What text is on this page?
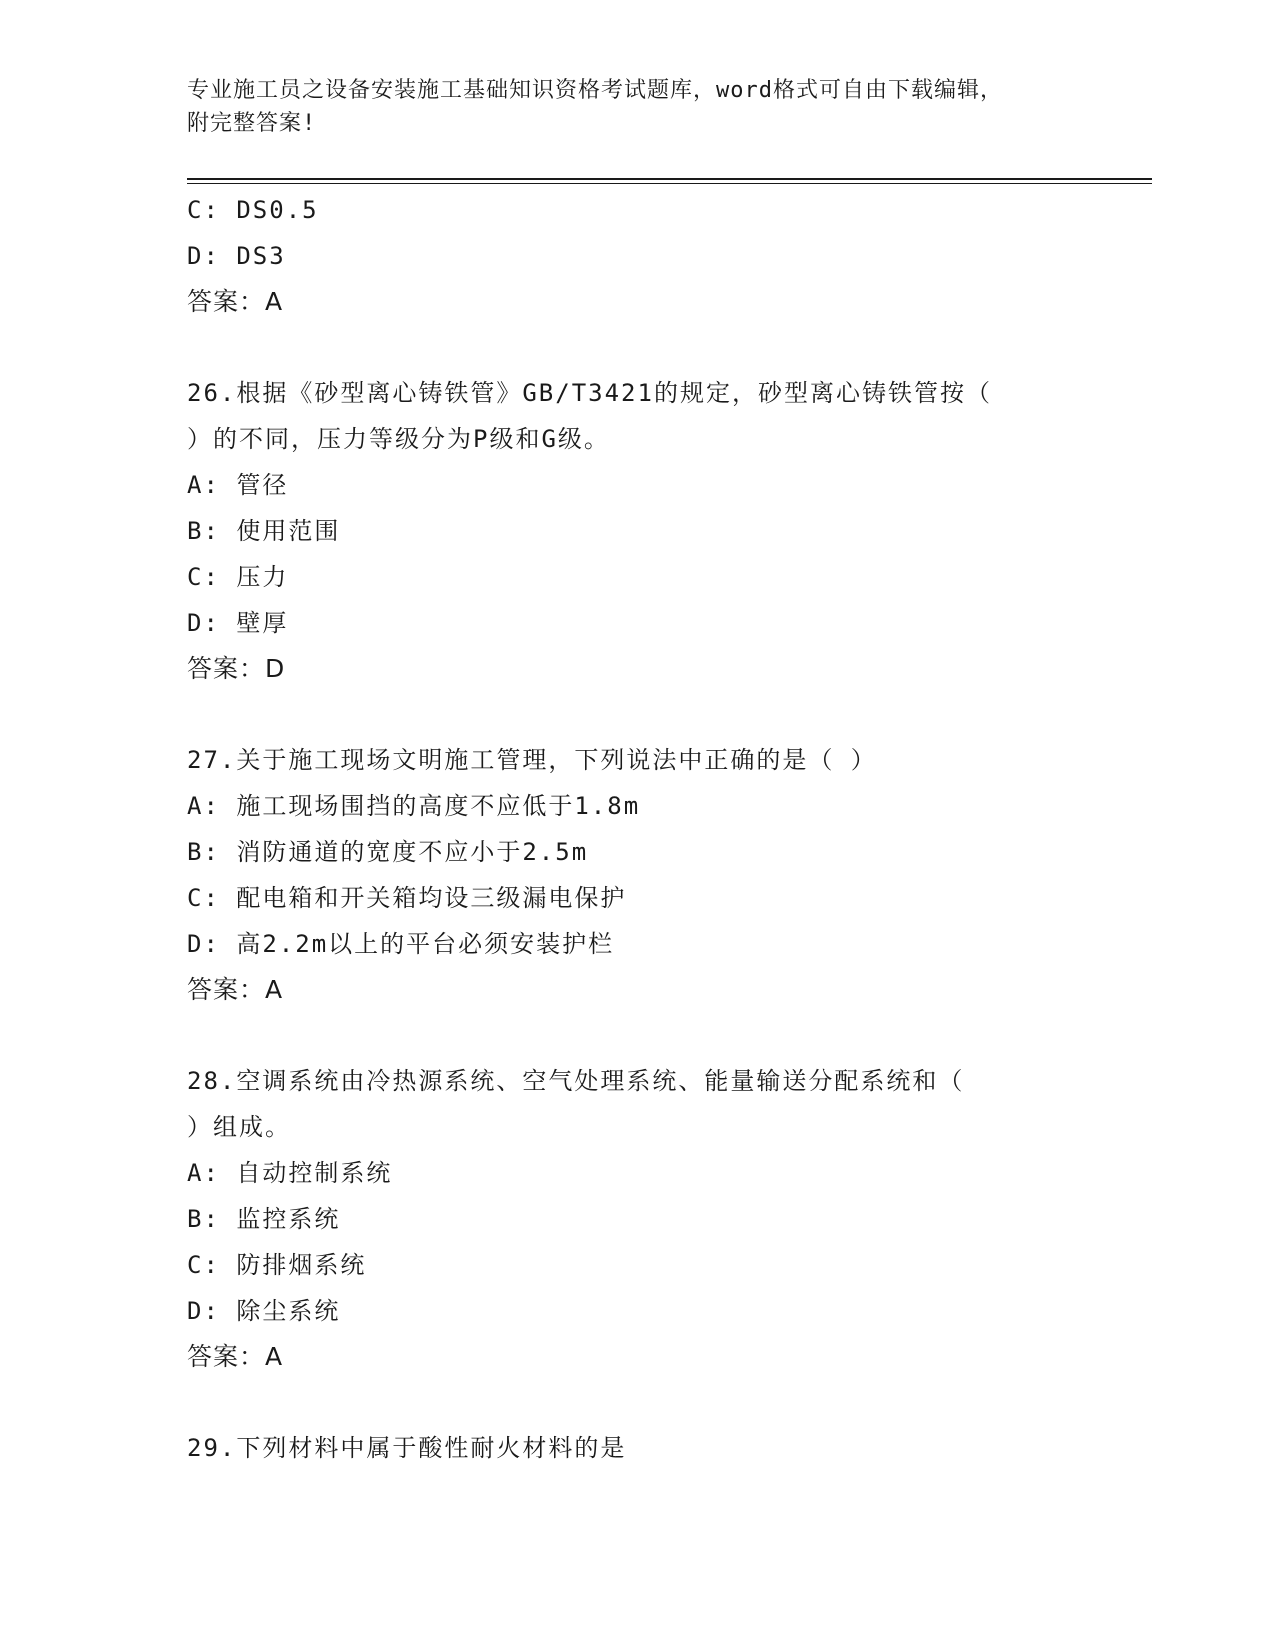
专业施工员之设备安装施工基础知识资格考试题库，word格式可自由下载编辑，
附完整答案!
C: DS0.5
D: DS3
答案：A
26.根据《砂型离心铸铁管》GB/T3421的规定，砂型离心铸铁管按（
）的不同，压力等级分为P级和G级。
A: 管径
B: 使用范围
C: 压力
D: 壁厚
答案：D
27.关于施工现场文明施工管理，下列说法中正确的是（ ）
A: 施工现场围挡的高度不应低于1.8m
B: 消防通道的宽度不应小于2.5m
C: 配电箱和开关箱均设三级漏电保护
D: 高2.2m以上的平台必须安装护栏
答案：A
28.空调系统由冷热源系统、空气处理系统、能量输送分配系统和（
）组成。
A: 自动控制系统
B: 监控系统
C: 防排烟系统
D: 除尘系统
答案：A
29.下列材料中属于酸性耐火材料的是
